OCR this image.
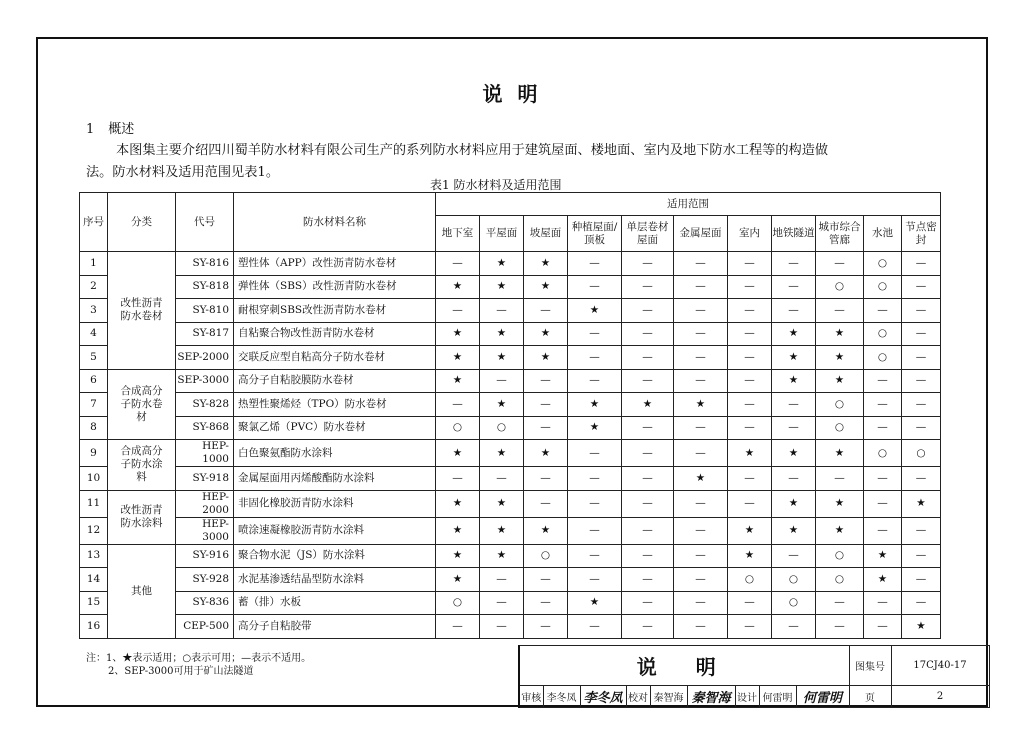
说 明
1 概述
本图集主要介绍四川蜀羊防水材料有限公司生产的系列防水材料应用于建筑屋面、楼地面、室内及地下防水工程等的构造做
法。防水材料及适用范围见表1。
表1 防水材料及适用范围
序号	分类	代号	防水材料名称	适用范围										
				地下室	平屋面	坡屋面	种植屋面/顶板	单层卷材屋面	金属屋面	室内	地铁隧道	城市综合管廊	水池	节点密封
1	改性沥青防水卷材	SY-816	塑性体（APP）改性沥青防水卷材	—	★	★	—	—	—	—	—	—	○	—
2		SY-818	弹性体（SBS）改性沥青防水卷材	★	★	★	—	—	—	—	—	○	○	—
3		SY-810	耐根穿刺SBS改性沥青防水卷材	—	—	—	★	—	—	—	—	—	—	—
4		SY-817	自粘聚合物改性沥青防水卷材	★	★	★	—	—	—	—	★	★	○	—
5		SEP-2000	交联反应型自粘高分子防水卷材	★	★	★	—	—	—	—	★	★	○	—
6	合成高分子防水卷材	SEP-3000	高分子自粘胶膜防水卷材	★	—	—	—	—	—	—	★	★	—	—
7		SY-828	热塑性聚烯烃（TPO）防水卷材	—	★	—	★	★	★	—	—	○	—	—
8		SY-868	聚氯乙烯（PVC）防水卷材	○	○	—	★	—	—	—	—	○	—	—
9	合成高分子防水涂料	HEP-1000	白色聚氨酯防水涂料	★	★	★	—	—	—	★	★	★	○	○
10		SY-918	金属屋面用丙烯酸酯防水涂料	—	—	—	—	—	★	—	—	—	—	—
11	改性沥青防水涂料	HEP-2000	非固化橡胶沥青防水涂料	★	★	—	—	—	—	—	★	★	—	★
12		HEP-3000	喷涂速凝橡胶沥青防水涂料	★	★	★	—	—	—	★	★	★	—	—
13	其他	SY-916	聚合物水泥（JS）防水涂料	★	★	○	—	—	—	★	—	○	★	—
14		SY-928	水泥基渗透结晶型防水涂料	★	—	—	—	—	—	○	○	○	★	—
15		SY-836	蓄（排）水板	○	—	—	★	—	—	—	○	—	—	—
16		CEP-500	高分子自粘胶带	—	—	—	—	—	—	—	—	—	—	★
注：1、★表示适用；○表示可用；—表示不适用。
2、SEP-3000可用于矿山法隧道	说 明									图集号	17CJ40-17
审核	李冬凤	李冬凤	校对	秦智海	秦智海	设计	何雷明	何雷明	页	2
